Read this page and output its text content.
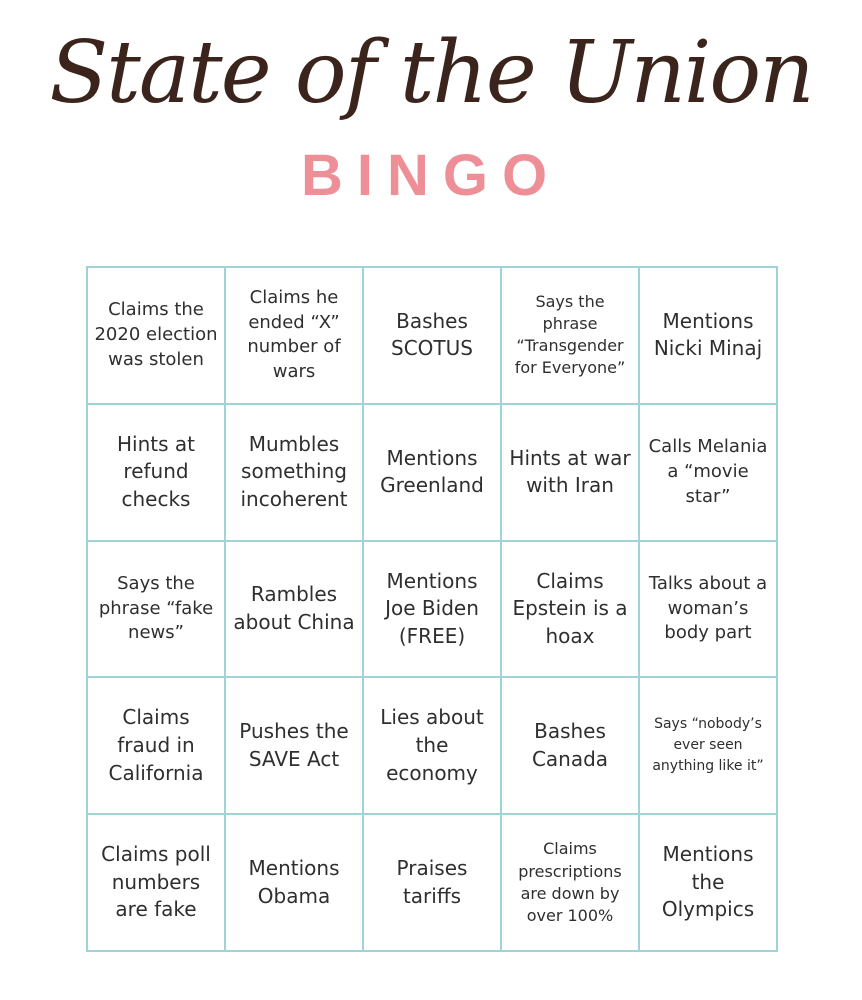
State of the Union
BINGO
Claims the 2020 election was stolen
Claims he ended “X” number of wars
Bashes SCOTUS
Says the phrase “Transgender for Everyone”
Mentions Nicki Minaj
Hints at refund checks
Mumbles something incoherent
Mentions Greenland
Hints at war with Iran
Calls Melania a “movie star”
Says the phrase “fake news”
Rambles about China
Mentions Joe Biden (FREE)
Claims Epstein is a hoax
Talks about a woman’s body part
Claims fraud in California
Pushes the SAVE Act
Lies about the economy
Bashes Canada
Says “nobody’s ever seen anything like it”
Claims poll numbers are fake
Mentions Obama
Praises tariffs
Claims prescriptions are down by over 100%
Mentions the Olympics
